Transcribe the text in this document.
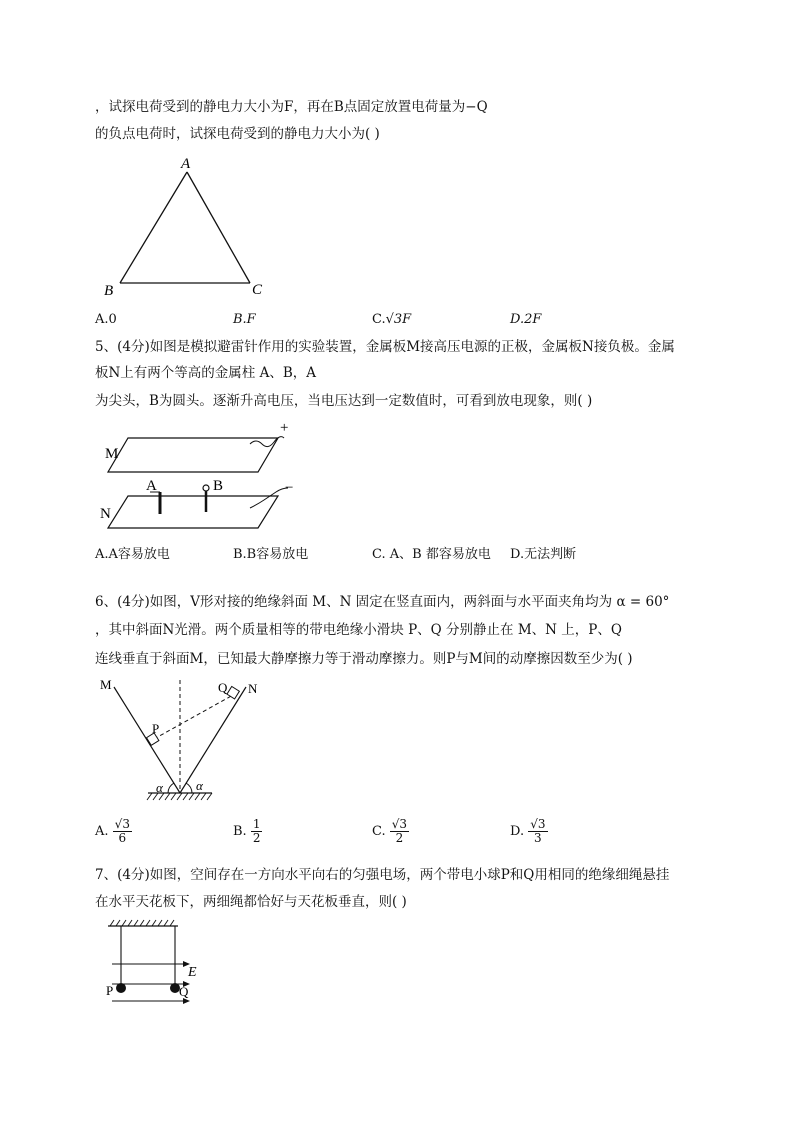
，试探电荷受到的静电力大小为F，再在B点固定放置电荷量为−Q
的负点电荷时，试探电荷受到的静电力大小为( )
A
B	C
A.0	B.F	C.√3F	D.2F
5、(4分)如图是模拟避雷针作用的实验装置，金属板M接高压电源的正极，金属板N接负极。金属
板N上有两个等高的金属柱 A、B，A
为尖头，B为圆头。逐渐升高电压，当电压达到一定数值时，可看到放电现象，则( )
+
M
−
N
A	B
A.A容易放电	B.B容易放电	C. A、B 都容易放电 D.无法判断
6、(4分)如图，V形对接的绝缘斜面 M、N 固定在竖直面内，两斜面与水平面夹角均为 α = 60°
，其中斜面N光滑。两个质量相等的带电绝缘小滑块 P、Q 分别静止在 M、N 上，P、Q
连线垂直于斜面M，已知最大静摩擦力等于滑动摩擦力。则P与M间的动摩擦因数至少为( )
M	N
P
Q
α	α
A. $\frac{√3}{6}$	B. $\frac{1}{2}$	C. $\frac{√3}{2}$	D. $\frac{√3}{3}$
7、(4分)如图，空间存在一方向水平向右的匀强电场，两个带电小球P和Q用相同的绝缘细绳悬挂
在水平天花板下，两细绳都恰好与天花板垂直，则( )
E
P	Q
